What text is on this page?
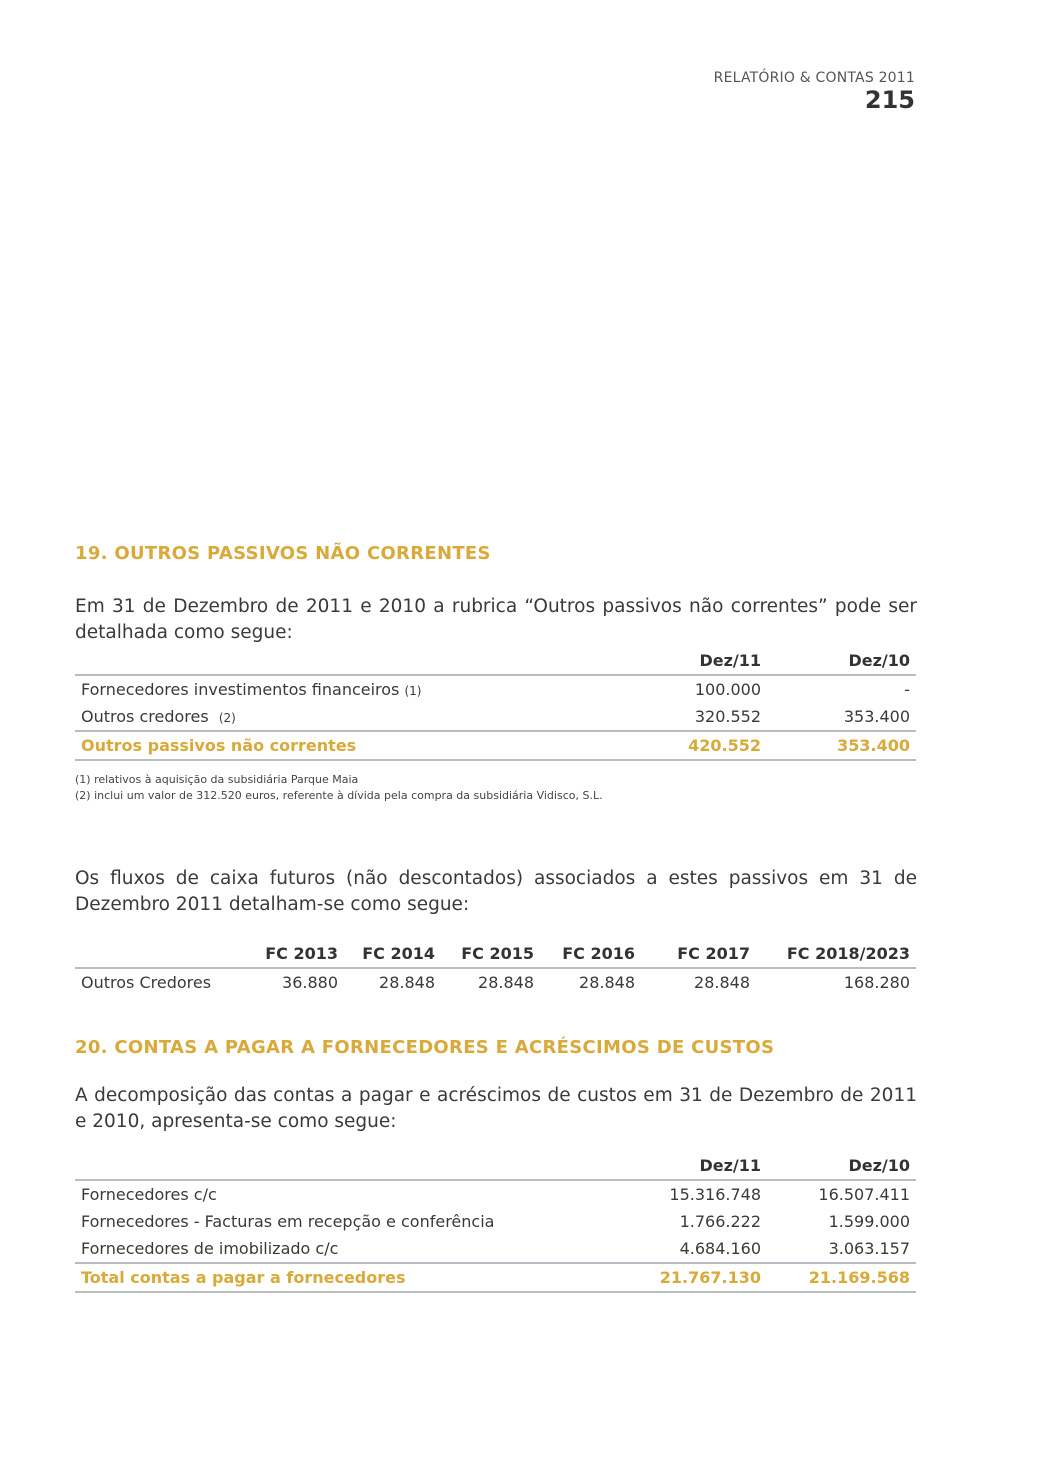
RELATÓRIO & CONTAS 2011
215
19. OUTROS PASSIVOS NÃO CORRENTES
Em 31 de Dezembro de 2011 e 2010 a rubrica “Outros passivos não correntes” pode ser detalhada como segue:
	Dez/11	Dez/10
Fornecedores investimentos financeiros (1)	100.000	-
Outros credores (2)	320.552	353.400
Outros passivos não correntes	420.552	353.400
(1) relativos à aquisição da subsidiária Parque Maia
(2) inclui um valor de 312.520 euros, referente à dívida pela compra da subsidiária Vidisco, S.L.
Os fluxos de caixa futuros (não descontados) associados a estes passivos em 31 de Dezembro 2011 detalham-se como segue:
	FC 2013	FC 2014	FC 2015	FC 2016	FC 2017	FC 2018/2023
Outros Credores	36.880	28.848	28.848	28.848	28.848	168.280
20. CONTAS A PAGAR A FORNECEDORES E ACRÉSCIMOS DE CUSTOS
A decomposição das contas a pagar e acréscimos de custos em 31 de Dezembro de 2011 e 2010, apresenta-se como segue:
	Dez/11	Dez/10
Fornecedores c/c	15.316.748	16.507.411
Fornecedores - Facturas em recepção e conferência	1.766.222	1.599.000
Fornecedores de imobilizado c/c	4.684.160	3.063.157
Total contas a pagar a fornecedores	21.767.130	21.169.568
